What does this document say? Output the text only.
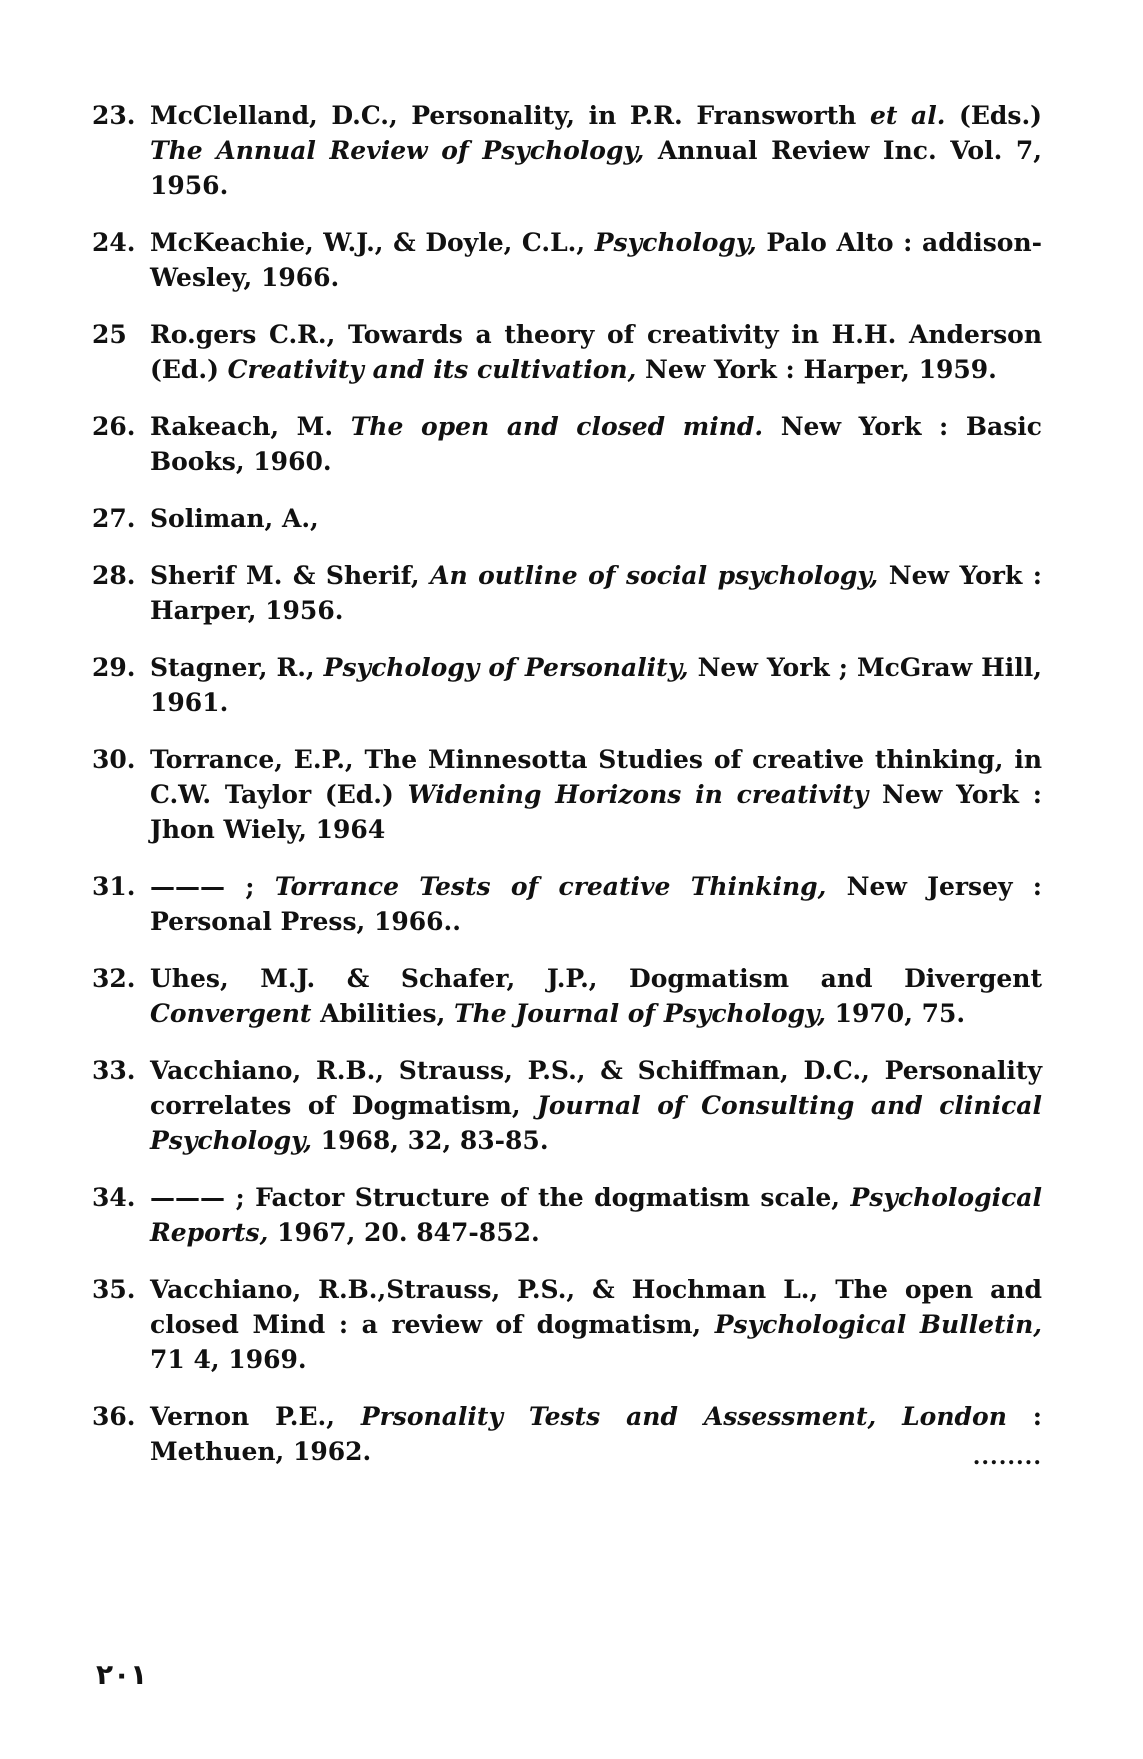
23. McClelland, D.C., Personality, in P.R. Fransworth et al. (Eds.) The Annual Review of Psychology, Annual Review Inc. Vol. 7, 1956.
24. McKeachie, W.J., & Doyle, C.L., Psychology, Palo Alto : addison-Wesley, 1966.
25 Ro.gers C.R., Towards a theory of creativity in H.H. Anderson (Ed.) Creativity and its cultivation, New York : Harper, 1959.
26. Rakeach, M. The open and closed mind. New York : Basic Books, 1960.
27. Soliman, A.,
28. Sherif M. & Sherif, An outline of social psychology, New York : Harper, 1956.
29. Stagner, R., Psychology of Personality, New York ; McGraw Hill, 1961.
30. Torrance, E.P., The Minnesotta Studies of creative thinking, in C.W. Taylor (Ed.) Widening Horizons in creativity New York : Jhon Wiely, 1964
31. ——— ; Torrance Tests of creative Thinking, New Jersey : Personal Press, 1966..
32. Uhes, M.J. & Schafer, J.P., Dogmatism and Divergent Convergent Abilities, The Journal of Psychology, 1970, 75.
33. Vacchiano, R.B., Strauss, P.S., & Schiffman, D.C., Personality correlates of Dogmatism, Journal of Consulting and clinical Psychology, 1968, 32, 83-85.
34. ——— ; Factor Structure of the dogmatism scale, Psychological Reports, 1967, 20. 847-852.
35. Vacchiano, R.B.,Strauss, P.S., & Hochman L., The open and closed Mind : a review of dogmatism, Psychological Bulletin, 71 4, 1969.
36. Vernon P.E., Prsonality Tests and Assessment, London : Methuen, 1962.	........
۲۰۱
